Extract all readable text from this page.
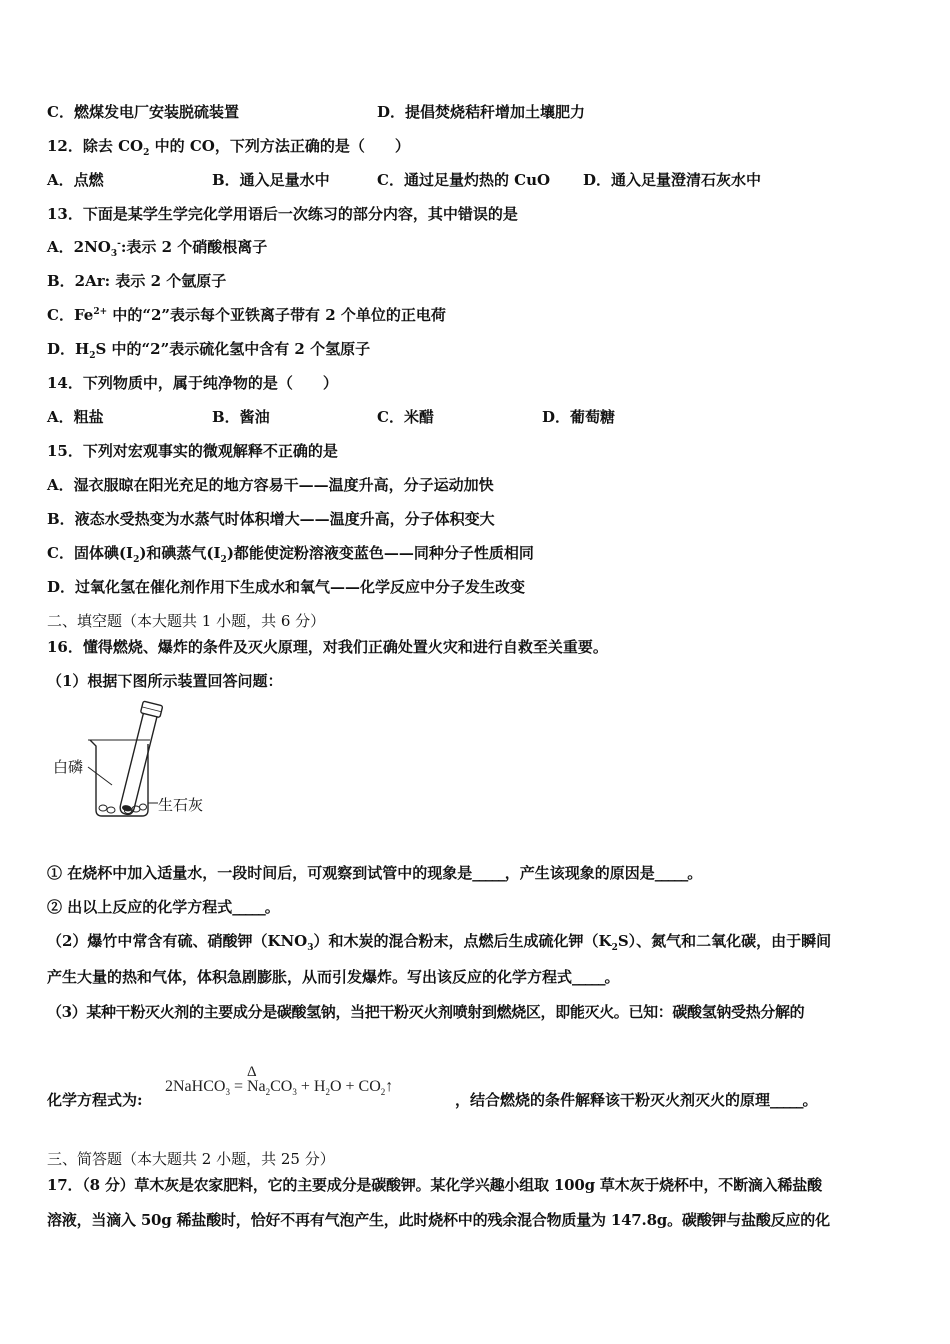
C．燃煤发电厂安装脱硫装置	D．提倡焚烧秸秆增加土壤肥力
12．除去 $CO_2$ 中的 CO，下列方法正确的是（　　）
A．点燃	B．通入足量水中	C．通过足量灼热的 CuO D．通入足量澄清石灰水中
13．下面是某学生学完化学用语后一次练习的部分内容，其中错误的是
A．$2NO_3^-$:表示 2 个硝酸根离子
B．2Ar: 表示 2 个氩原子
C．$Fe^{2+}$ 中的“2”表示每个亚铁离子带有 2 个单位的正电荷
D．$H_2S$ 中的“2”表示硫化氢中含有 2 个氢原子
14．下列物质中，属于纯净物的是（　　）
A．粗盐	B．酱油	C．米醋	D．葡萄糖
15．下列对宏观事实的微观解释不正确的是
A．湿衣服晾在阳光充足的地方容易干——温度升高，分子运动加快
B．液态水受热变为水蒸气时体积增大——温度升高，分子体积变大
C．固体碘$(I_2)$和碘蒸气$(I_2)$都能使淀粉溶液变蓝色——同种分子性质相同
D．过氧化氢在催化剂作用下生成水和氧气——化学反应中分子发生改变
二、填空题（本大题共 1 小题，共 6 分）
16．懂得燃烧、爆炸的条件及灭火原理，对我们正确处置火灾和进行自救至关重要。
（1）根据下图所示装置回答问题：
白磷
生石灰
① 在烧杯中加入适量水，一段时间后，可观察到试管中的现象是_____，产生该现象的原因是_____。
② 出以上反应的化学方程式_____。
（2）爆竹中常含有硫、硝酸钾$(KNO_3)$和木炭的混合粉末，点燃后生成硫化钾$(K_2S)$、氮气和二氧化碳，由于瞬间
产生大量的热和气体，体积急剧膨胀，从而引发爆炸。写出该反应的化学方程式_____。
（3）某种干粉灭火剂的主要成分是碳酸氢钠，当把干粉灭火剂喷射到燃烧区，即能灭火。已知：碳酸氢钠受热分解的
化学方程式为:
Δ
2NaHCO$_3$ = $Na_2CO_3 + H_2O$ + $CO_2↑$
，结合燃烧的条件解释该干粉灭火剂灭火的原理_____。
三、简答题（本大题共 2 小题，共 25 分）
17．（8 分）草木灰是农家肥料，它的主要成分是碳酸钾。某化学兴趣小组取 100g 草木灰于烧杯中，不断滴入稀盐酸
溶液，当滴入 50g 稀盐酸时，恰好不再有气泡产生，此时烧杯中的残余混合物质量为 147.8g。碳酸钾与盐酸反应的化
